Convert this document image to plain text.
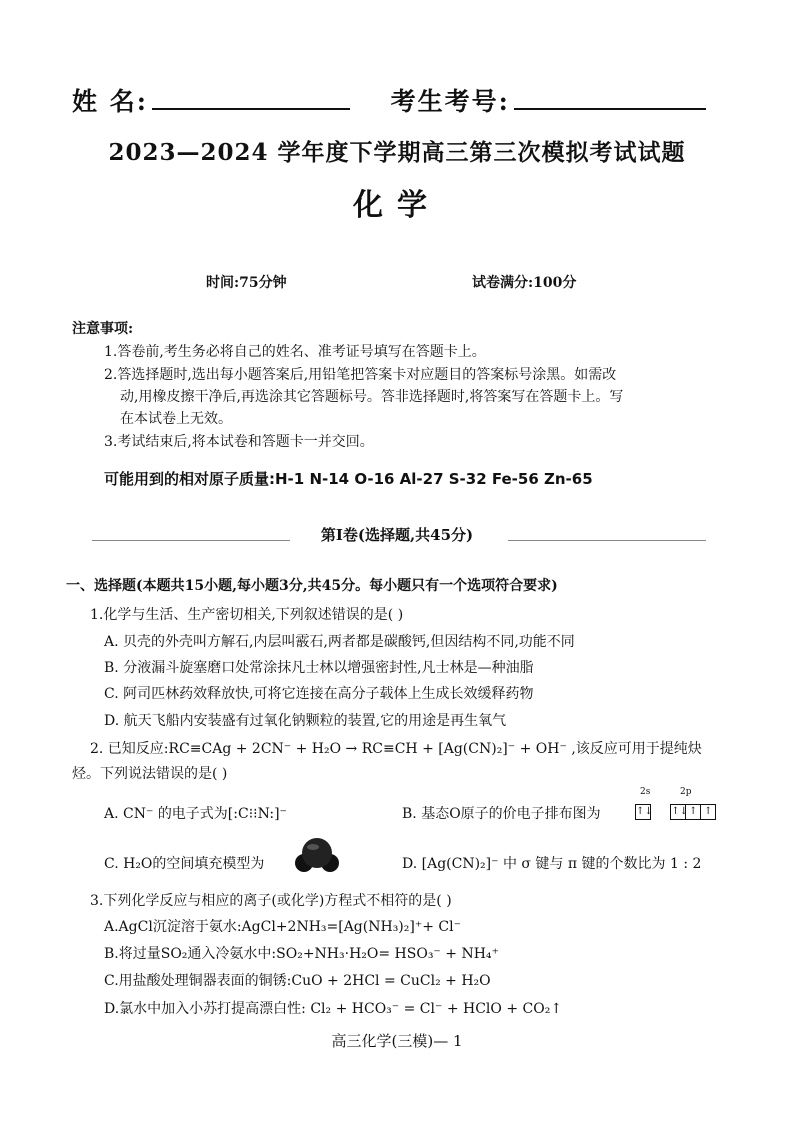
姓 名:	考生考号:
2023—2024 学年度下学期高三第三次模拟考试试题
化学
时间:75分钟	试卷满分:100分
注意事项:
1.答卷前,考生务必将自己的姓名、准考证号填写在答题卡上。
2.答选择题时,选出每小题答案后,用铅笔把答案卡对应题目的答案标号涂黑。如需改
动,用橡皮擦干净后,再选涂其它答题标号。答非选择题时,将答案写在答题卡上。写
在本试卷上无效。
3.考试结束后,将本试卷和答题卡一并交回。
可能用到的相对原子质量:H-1 N-14 O-16 Al-27 S-32 Fe-56 Zn-65
第Ⅰ卷(选择题,共45分)
一、选择题(本题共15小题,每小题3分,共45分。每小题只有一个选项符合要求)
1.化学与生活、生产密切相关,下列叙述错误的是( )
A. 贝壳的外壳叫方解石,内层叫霰石,两者都是碳酸钙,但因结构不同,功能不同
B. 分液漏斗旋塞磨口处常涂抹凡士林以增强密封性,凡士林是—种油脂
C. 阿司匹林药效释放快,可将它连接在高分子载体上生成长效缓释药物
D. 航天飞船内安装盛有过氧化钠颗粒的装置,它的用途是再生氧气
2. 已知反应:RC≡CAg + 2CN⁻ + H₂O → RC≡CH + [Ag(CN)₂]⁻ + OH⁻ ,该反应可用于提纯炔
烃。下列说法错误的是( )
A. CN⁻ 的电子式为[:C⁝⁝N:]⁻	B. 基态O原子的价电子排布图为
2s	2p
↑↓ ↑↓↑ ↑
C. H₂O的空间填充模型为	D. [Ag(CN)₂]⁻ 中 σ 键与 π 键的个数比为 1 : 2
3.下列化学反应与相应的离子(或化学)方程式不相符的是( )
A.AgCl沉淀溶于氨水:AgCl+2NH₃=[Ag(NH₃)₂]⁺+ Cl⁻
B.将过量SO₂通入冷氨水中:SO₂+NH₃·H₂O= HSO₃⁻ + NH₄⁺
C.用盐酸处理铜器表面的铜锈:CuO + 2HCl = CuCl₂ + H₂O
D.氯水中加入小苏打提高漂白性: Cl₂ + HCO₃⁻ = Cl⁻ + HClO + CO₂↑
高三化学(三模)— 1
